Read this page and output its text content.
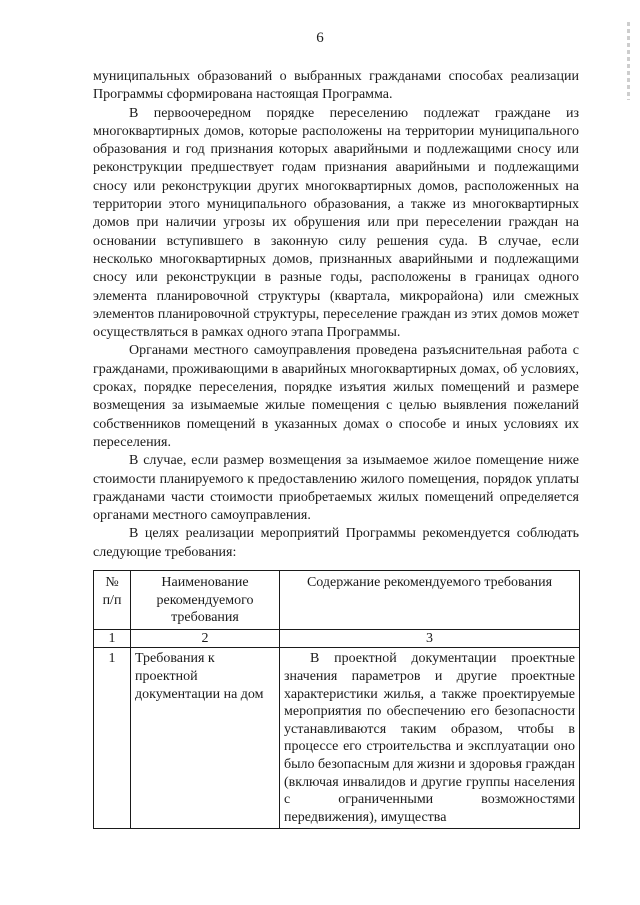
6

муниципальных образований о выбранных гражданами способах реализации Программы сформирована настоящая Программа.

В первоочередном порядке переселению подлежат граждане из многоквартирных домов, которые расположены на территории муниципального образования и год признания которых аварийными и подлежащими сносу или реконструкции предшествует годам признания аварийными и подлежащими сносу или реконструкции других многоквартирных домов, расположенных на территории этого муниципального образования, а также из многоквартирных домов при наличии угрозы их обрушения или при переселении граждан на основании вступившего в законную силу решения суда. В случае, если несколько многоквартирных домов, признанных аварийными и подлежащими сносу или реконструкции в разные годы, расположены в границах одного элемента планировочной структуры (квартала, микрорайона) или смежных элементов планировочной структуры, переселение граждан из этих домов может осуществляться в рамках одного этапа Программы.

Органами местного самоуправления проведена разъяснительная работа с гражданами, проживающими в аварийных многоквартирных домах, об условиях, сроках, порядке переселения, порядке изъятия жилых помещений и размере возмещения за изымаемые жилые помещения с целью выявления пожеланий собственников помещений в указанных домах о способе и иных условиях их переселения.

В случае, если размер возмещения за изымаемое жилое помещение ниже стоимости планируемого к предоставлению жилого помещения, порядок уплаты гражданами части стоимости приобретаемых жилых помещений определяется органами местного самоуправления.

В целях реализации мероприятий Программы рекомендуется соблюдать следующие требования:

№ п/п	Наименование рекомендуемого требования	Содержание рекомендуемого требования
1	2	3
1	Требования к проектной документации на дом	В проектной документации проектные значения параметров и другие проектные характеристики жилья, а также проектируемые мероприятия по обеспечению его безопасности устанавливаются таким образом, чтобы в процессе его строительства и эксплуатации оно было безопасным для жизни и здоровья граждан (включая инвалидов и другие группы населения с ограниченными возможностями передвижения), имущества
